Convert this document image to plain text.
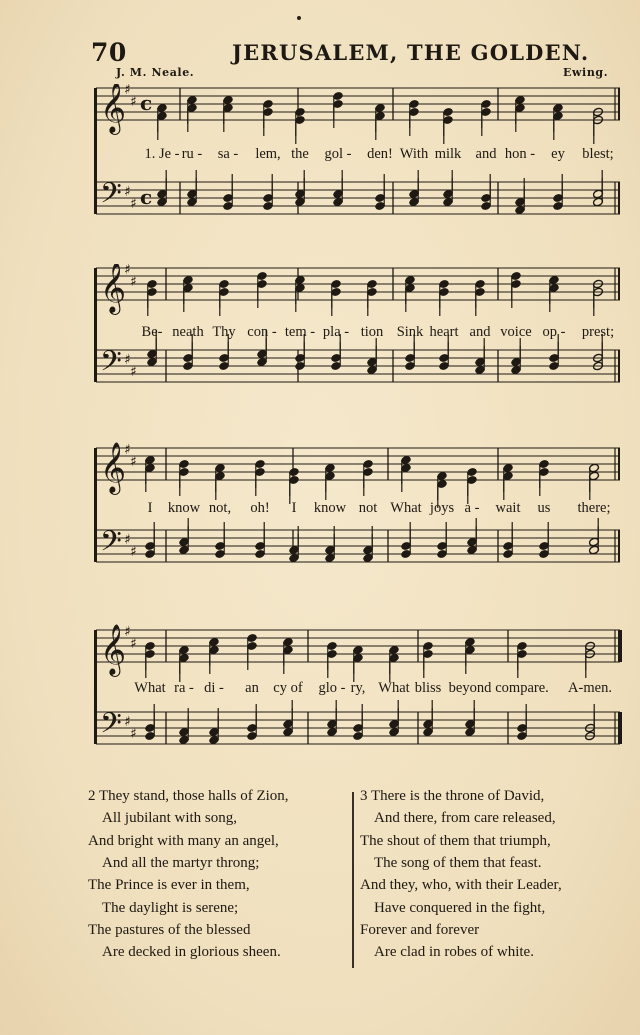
70	JERUSALEM, THE GOLDEN.
J. M. Neale.	Ewing.
𝄞
𝄢
♯
♯
♯
♯
c
c
1. Je - ru - sa - lem, the gol - den! With milk and hon - ey blest;
𝄞
𝄢
♯
♯
♯
♯
Be- neath Thy con - tem - pla - tion Sink heart and voice op - prest;
𝄞
𝄢
♯
♯
♯
♯
I know not, oh! I know not What joys a - wait us there;
𝄞
𝄢
♯
♯
♯
♯
What ra - di - an cy of glo - ry, What bliss beyond compare. A-men.
2 They stand, those halls of Zion,
All jubilant with song,
And bright with many an angel,
And all the martyr throng;
The Prince is ever in them,
The daylight is serene;
The pastures of the blessed
Are decked in glorious sheen.
3 There is the throne of David,
And there, from care released,
The shout of them that triumph,
The song of them that feast.
And they, who, with their Leader,
Have conquered in the fight,
Forever and forever
Are clad in robes of white.
